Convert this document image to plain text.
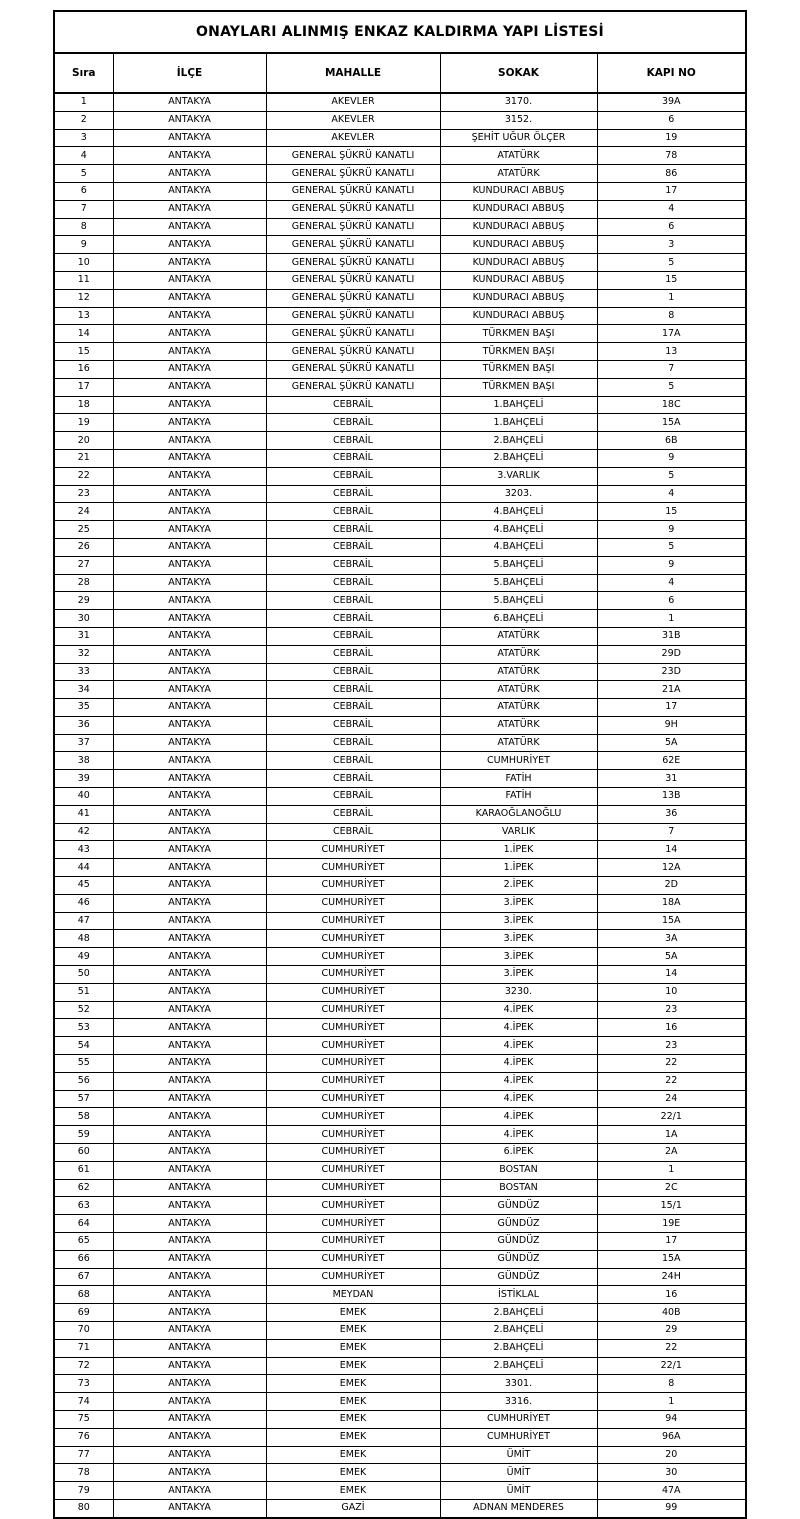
ONAYLARI ALINMIŞ ENKAZ KALDIRMA YAPI LİSTESİ
Sıra	İLÇE	MAHALLE	SOKAK	KAPI NO
1	ANTAKYA	AKEVLER	3170.	39A
2	ANTAKYA	AKEVLER	3152.	6
3	ANTAKYA	AKEVLER	ŞEHİT UĞUR ÖLÇER	19
4	ANTAKYA	GENERAL ŞÜKRÜ KANATLI	ATATÜRK	78
5	ANTAKYA	GENERAL ŞÜKRÜ KANATLI	ATATÜRK	86
6	ANTAKYA	GENERAL ŞÜKRÜ KANATLI	KUNDURACI ABBUŞ	17
7	ANTAKYA	GENERAL ŞÜKRÜ KANATLI	KUNDURACI ABBUŞ	4
8	ANTAKYA	GENERAL ŞÜKRÜ KANATLI	KUNDURACI ABBUŞ	6
9	ANTAKYA	GENERAL ŞÜKRÜ KANATLI	KUNDURACI ABBUŞ	3
10	ANTAKYA	GENERAL ŞÜKRÜ KANATLI	KUNDURACI ABBUŞ	5
11	ANTAKYA	GENERAL ŞÜKRÜ KANATLI	KUNDURACI ABBUŞ	15
12	ANTAKYA	GENERAL ŞÜKRÜ KANATLI	KUNDURACI ABBUŞ	1
13	ANTAKYA	GENERAL ŞÜKRÜ KANATLI	KUNDURACI ABBUŞ	8
14	ANTAKYA	GENERAL ŞÜKRÜ KANATLI	TÜRKMEN BAŞI	17A
15	ANTAKYA	GENERAL ŞÜKRÜ KANATLI	TÜRKMEN BAŞI	13
16	ANTAKYA	GENERAL ŞÜKRÜ KANATLI	TÜRKMEN BAŞI	7
17	ANTAKYA	GENERAL ŞÜKRÜ KANATLI	TÜRKMEN BAŞI	5
18	ANTAKYA	CEBRAİL	1.BAHÇELİ	18C
19	ANTAKYA	CEBRAİL	1.BAHÇELİ	15A
20	ANTAKYA	CEBRAİL	2.BAHÇELİ	6B
21	ANTAKYA	CEBRAİL	2.BAHÇELİ	9
22	ANTAKYA	CEBRAİL	3.VARLIK	5
23	ANTAKYA	CEBRAİL	3203.	4
24	ANTAKYA	CEBRAİL	4.BAHÇELİ	15
25	ANTAKYA	CEBRAİL	4.BAHÇELİ	9
26	ANTAKYA	CEBRAİL	4.BAHÇELİ	5
27	ANTAKYA	CEBRAİL	5.BAHÇELİ	9
28	ANTAKYA	CEBRAİL	5.BAHÇELİ	4
29	ANTAKYA	CEBRAİL	5.BAHÇELİ	6
30	ANTAKYA	CEBRAİL	6.BAHÇELİ	1
31	ANTAKYA	CEBRAİL	ATATÜRK	31B
32	ANTAKYA	CEBRAİL	ATATÜRK	29D
33	ANTAKYA	CEBRAİL	ATATÜRK	23D
34	ANTAKYA	CEBRAİL	ATATÜRK	21A
35	ANTAKYA	CEBRAİL	ATATÜRK	17
36	ANTAKYA	CEBRAİL	ATATÜRK	9H
37	ANTAKYA	CEBRAİL	ATATÜRK	5A
38	ANTAKYA	CEBRAİL	CUMHURİYET	62E
39	ANTAKYA	CEBRAİL	FATİH	31
40	ANTAKYA	CEBRAİL	FATİH	13B
41	ANTAKYA	CEBRAİL	KARAOĞLANOĞLU	36
42	ANTAKYA	CEBRAİL	VARLIK	7
43	ANTAKYA	CUMHURİYET	1.İPEK	14
44	ANTAKYA	CUMHURİYET	1.İPEK	12A
45	ANTAKYA	CUMHURİYET	2.İPEK	2D
46	ANTAKYA	CUMHURİYET	3.İPEK	18A
47	ANTAKYA	CUMHURİYET	3.İPEK	15A
48	ANTAKYA	CUMHURİYET	3.İPEK	3A
49	ANTAKYA	CUMHURİYET	3.İPEK	5A
50	ANTAKYA	CUMHURİYET	3.İPEK	14
51	ANTAKYA	CUMHURİYET	3230.	10
52	ANTAKYA	CUMHURİYET	4.İPEK	23
53	ANTAKYA	CUMHURİYET	4.İPEK	16
54	ANTAKYA	CUMHURİYET	4.İPEK	23
55	ANTAKYA	CUMHURİYET	4.İPEK	22
56	ANTAKYA	CUMHURİYET	4.İPEK	22
57	ANTAKYA	CUMHURİYET	4.İPEK	24
58	ANTAKYA	CUMHURİYET	4.İPEK	22/1
59	ANTAKYA	CUMHURİYET	4.İPEK	1A
60	ANTAKYA	CUMHURİYET	6.İPEK	2A
61	ANTAKYA	CUMHURİYET	BOSTAN	1
62	ANTAKYA	CUMHURİYET	BOSTAN	2C
63	ANTAKYA	CUMHURİYET	GÜNDÜZ	15/1
64	ANTAKYA	CUMHURİYET	GÜNDÜZ	19E
65	ANTAKYA	CUMHURİYET	GÜNDÜZ	17
66	ANTAKYA	CUMHURİYET	GÜNDÜZ	15A
67	ANTAKYA	CUMHURİYET	GÜNDÜZ	24H
68	ANTAKYA	MEYDAN	İSTİKLAL	16
69	ANTAKYA	EMEK	2.BAHÇELİ	40B
70	ANTAKYA	EMEK	2.BAHÇELİ	29
71	ANTAKYA	EMEK	2.BAHÇELİ	22
72	ANTAKYA	EMEK	2.BAHÇELİ	22/1
73	ANTAKYA	EMEK	3301.	8
74	ANTAKYA	EMEK	3316.	1
75	ANTAKYA	EMEK	CUMHURİYET	94
76	ANTAKYA	EMEK	CUMHURİYET	96A
77	ANTAKYA	EMEK	ÜMİT	20
78	ANTAKYA	EMEK	ÜMİT	30
79	ANTAKYA	EMEK	ÜMİT	47A
80	ANTAKYA	GAZİ	ADNAN MENDERES	99
